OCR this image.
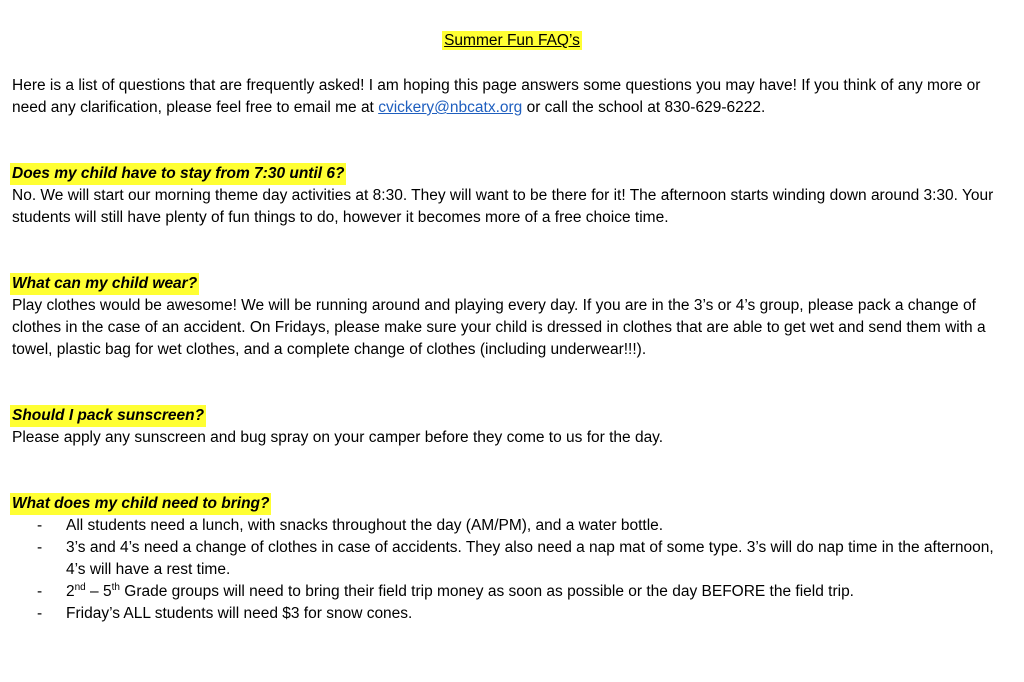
Summer Fun FAQ’s

Here is a list of questions that are frequently asked! I am hoping this page answers some questions you may have! If you think of any more or need any clarification, please feel free to email me at cvickery@nbcatx.org or call the school at 830-629-6222.

Does my child have to stay from 7:30 until 6?

No. We will start our morning theme day activities at 8:30. They will want to be there for it! The afternoon starts winding down around 3:30. Your students will still have plenty of fun things to do, however it becomes more of a free choice time.

What can my child wear?

Play clothes would be awesome! We will be running around and playing every day. If you are in the 3’s or 4’s group, please pack a change of clothes in the case of an accident. On Fridays, please make sure your child is dressed in clothes that are able to get wet and send them with a towel, plastic bag for wet clothes, and a complete change of clothes (including underwear!!!).

Should I pack sunscreen?

Please apply any sunscreen and bug spray on your camper before they come to us for the day.

What does my child need to bring?
- All students need a lunch, with snacks throughout the day (AM/PM), and a water bottle.
- 3’s and 4’s need a change of clothes in case of accidents. They also need a nap mat of some type. 3’s will do nap time in the afternoon, 4’s will have a rest time.
- 2nd – 5th Grade groups will need to bring their field trip money as soon as possible or the day BEFORE the field trip.
- Friday’s ALL students will need $3 for snow cones.
